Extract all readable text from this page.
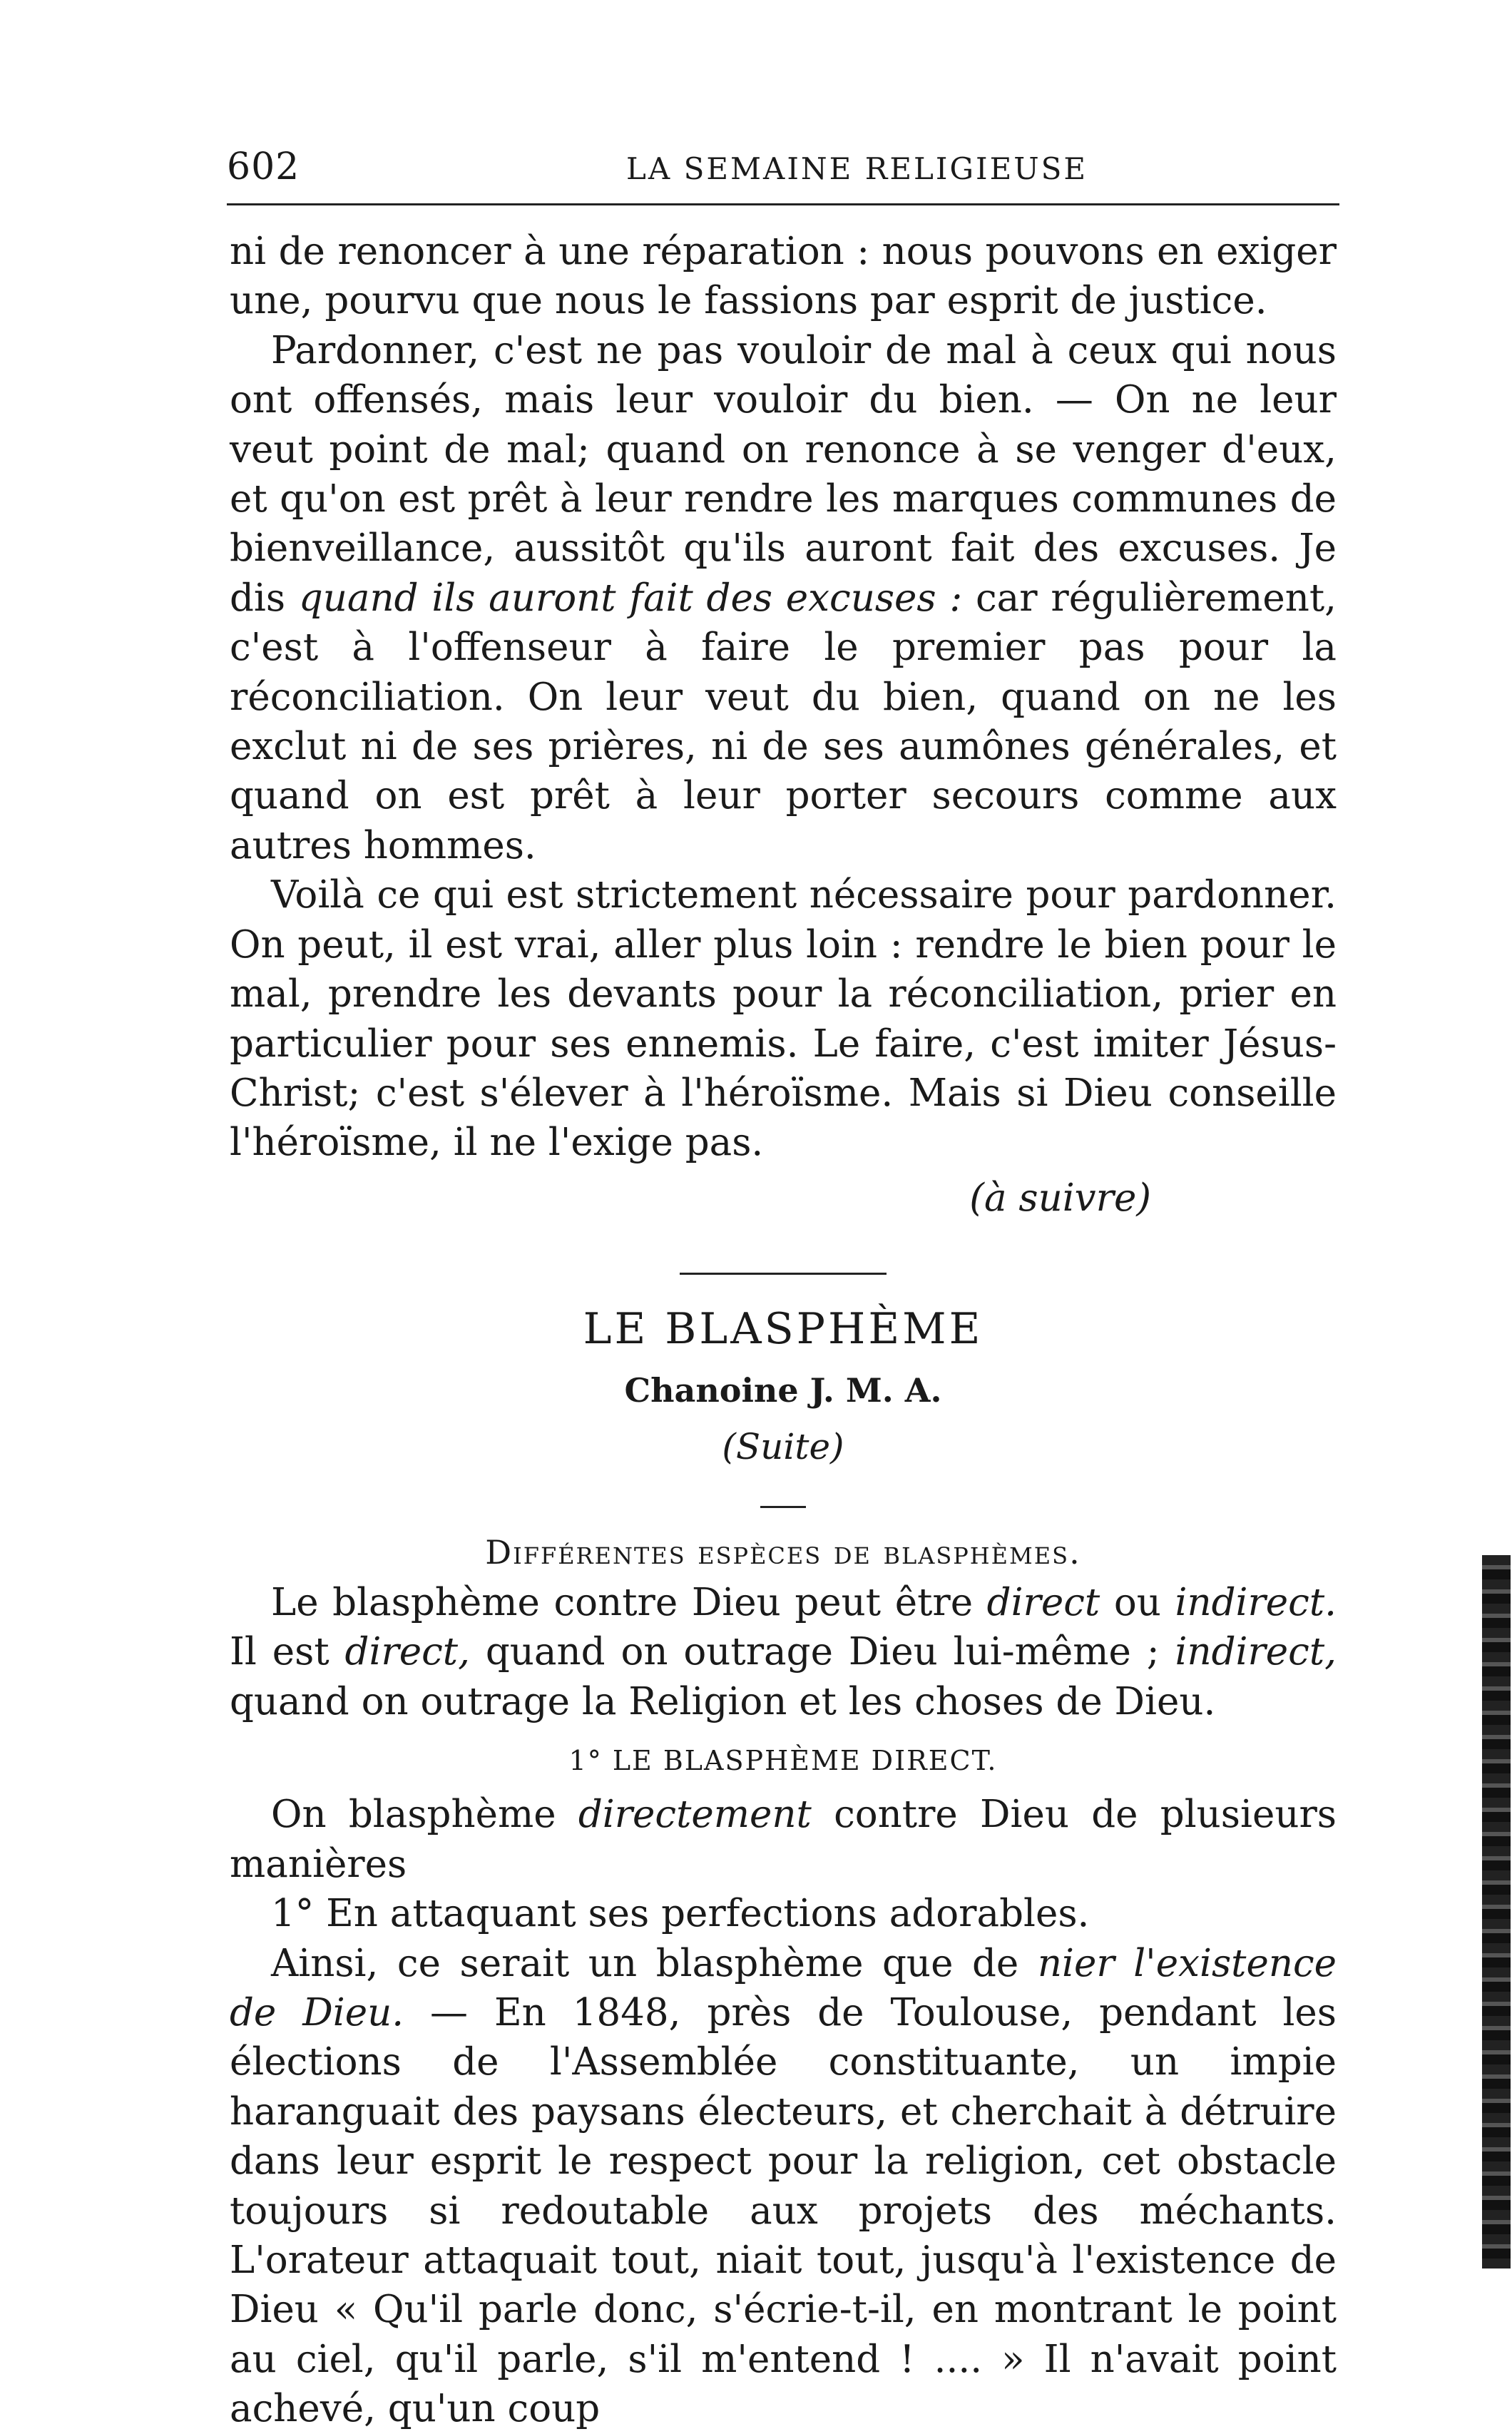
602	LA SEMAINE RELIGIEUSE

ni de renoncer à une réparation : nous pouvons en exiger une, pourvu que nous le fassions par esprit de justice.

Pardonner, c'est ne pas vouloir de mal à ceux qui nous ont offensés, mais leur vouloir du bien. — On ne leur veut point de mal; quand on renonce à se venger d'eux, et qu'on est prêt à leur rendre les marques communes de bienveillance, aussitôt qu'ils auront fait des excuses. Je dis quand ils auront fait des excuses : car régulièrement, c'est à l'offenseur à faire le premier pas pour la réconciliation. On leur veut du bien, quand on ne les exclut ni de ses prières, ni de ses aumônes générales, et quand on est prêt à leur porter secours comme aux autres hommes.

Voilà ce qui est strictement nécessaire pour pardonner. On peut, il est vrai, aller plus loin : rendre le bien pour le mal, prendre les devants pour la réconciliation, prier en particulier pour ses ennemis. Le faire, c'est imiter Jésus-Christ; c'est s'élever à l'héroïsme. Mais si Dieu conseille l'héroïsme, il ne l'exige pas.

(à suivre)

LE BLASPHÈME

Chanoine J. M. A.

(Suite)

Différentes espèces de blasphèmes.

Le blasphème contre Dieu peut être direct ou indirect. Il est direct, quand on outrage Dieu lui-même ; indirect, quand on outrage la Religion et les choses de Dieu.

1° LE BLASPHÈME DIRECT.

On blasphème directement contre Dieu de plusieurs manières

1° En attaquant ses perfections adorables.

Ainsi, ce serait un blasphème que de nier l'existence de Dieu. — En 1848, près de Toulouse, pendant les élections de l'Assemblée constituante, un impie haranguait des paysans électeurs, et cherchait à détruire dans leur esprit le respect pour la religion, cet obstacle toujours si redoutable aux projets des méchants. L'orateur attaquait tout, niait tout, jusqu'à l'existence de Dieu « Qu'il parle donc, s'écrie-t-il, en montrant le point au ciel, qu'il parle, s'il m'entend ! .... » Il n'avait point achevé, qu'un coup
